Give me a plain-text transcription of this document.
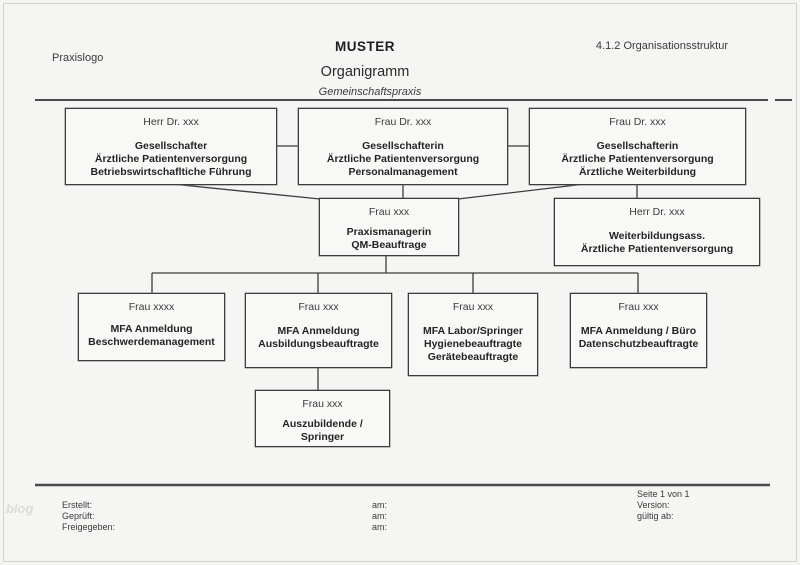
Praxislogo
MUSTER	4.1.2 Organisationsstruktur
Organigramm
Gemeinschaftspraxis
Herr Dr. xxx
Gesellschafter
Ärztliche Patientenversorgung
Betriebswirtschafltiche Führung
Frau Dr. xxx
Gesellschafterin
Ärztliche Patientenversorgung
Personalmanagement
Frau Dr. xxx
Gesellschafterin
Ärztliche Patientenversorgung
Ärztliche Weiterbildung
Frau xxx
Praxismanagerin
QM-Beauftrage
Herr Dr. xxx
Weiterbildungsass.
Ärztliche Patientenversorgung
Frau xxxx
MFA Anmeldung
Beschwerdemanagement
Frau xxx
MFA Anmeldung
Ausbildungsbeauftragte
Frau xxx
MFA Labor/Springer
Hygienebeauftragte
Gerätebeauftragte
Frau xxx
MFA Anmeldung / Büro
Datenschutzbeauftragte
Frau xxx
Auszubildende /
Springer
Seite 1 von 1
Erstellt:	am:	Version:
Geprüft:	am:	gültig ab:
Freigegeben:	am:
blog
